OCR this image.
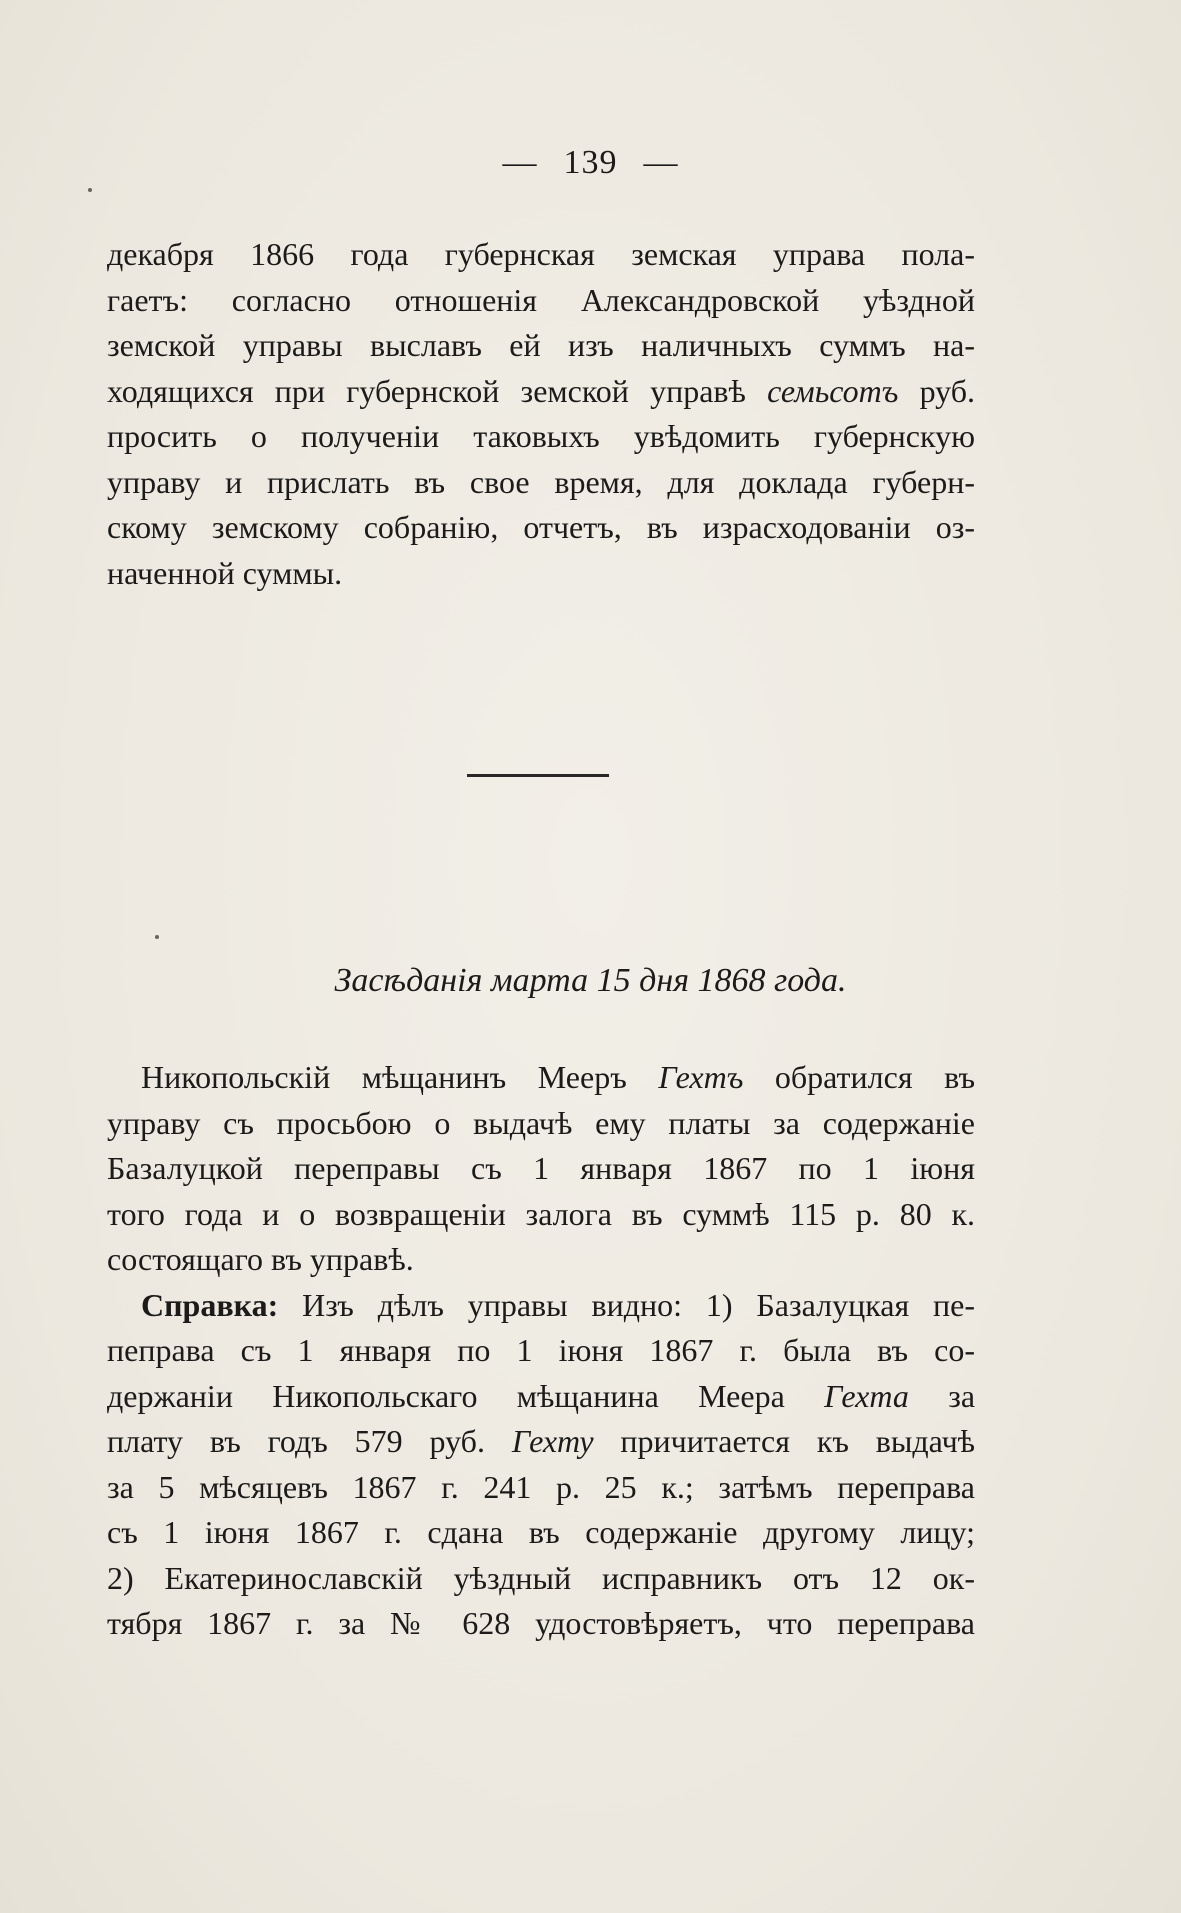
— 139 —
декабря 1866 года губернская земская управа пола-
гаетъ: согласно отношенія Александровской уѣздной
земской управы выславъ ей изъ наличныхъ суммъ на-
ходящихся при губернской земской управѣ семьсотъ руб.
просить о полученіи таковыхъ увѣдомить губернскую
управу и прислать въ свое время, для доклада губерн-
скому земскому собранію, отчетъ, въ израсходованіи оз-
наченной суммы.
Засѣданія марта 15 дня 1868 года.
Никопольскій мѣщанинъ Мееръ Гехтъ обратился въ
управу съ просьбою о выдачѣ ему платы за содержаніе
Базалуцкой переправы съ 1 января 1867 по 1 іюня
того года и о возвращеніи залога въ суммѣ 115 р. 80 к.
состоящаго въ управѣ.
Справка: Изъ дѣлъ управы видно: 1) Базалуцкая пе-
пеправа съ 1 января по 1 іюня 1867 г. была въ со-
держаніи Никопольскаго мѣщанина Меера Гехта за
плату въ годъ 579 руб. Гехту причитается къ выдачѣ
за 5 мѣсяцевъ 1867 г. 241 р. 25 к.; затѣмъ переправа
съ 1 іюня 1867 г. сдана въ содержаніе другому лицу;
2) Екатеринославскій уѣздный исправникъ отъ 12 ок-
тября 1867 г. за № 628 удостовѣряетъ, что переправа
